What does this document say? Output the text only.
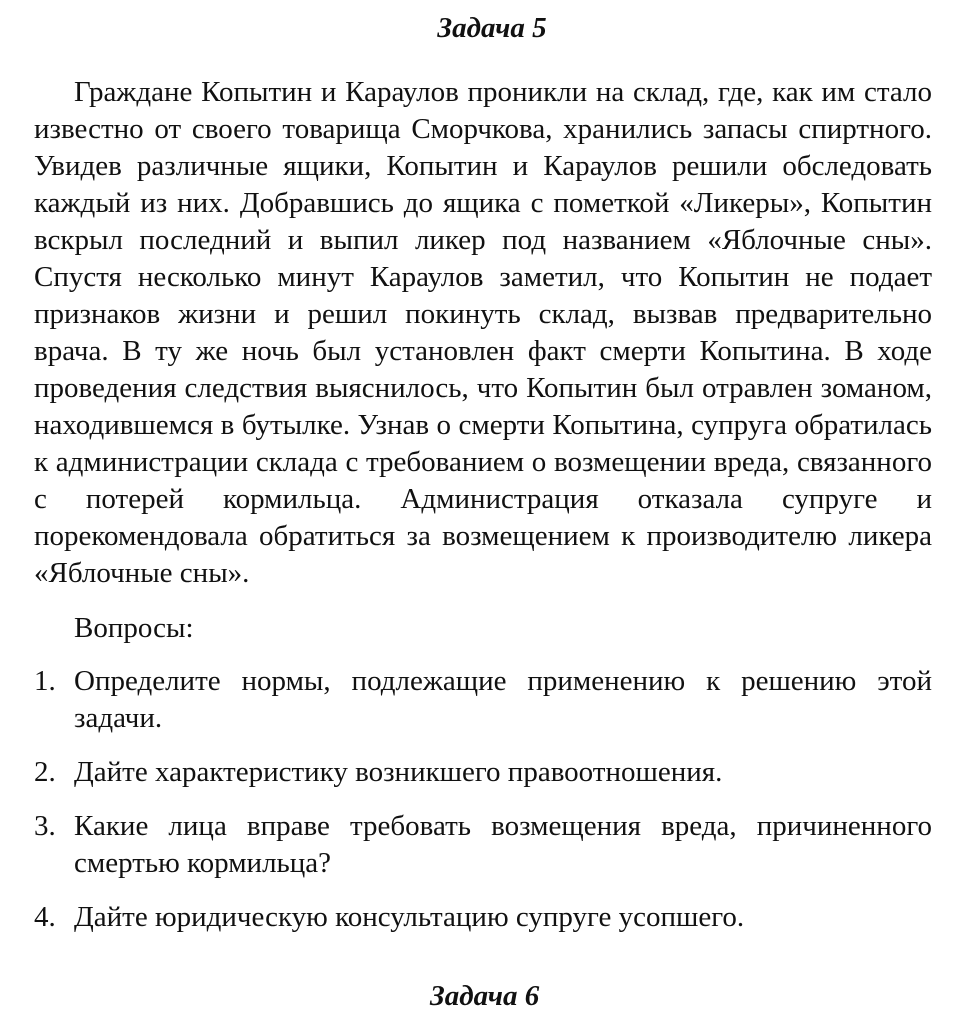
Задача 5

Граждане Копытин и Караулов проникли на склад, где, как им стало известно от своего товарища Сморчкова, хранились запасы спиртного. Увидев различные ящики, Копытин и Караулов решили обследовать каждый из них. Добравшись до ящика с пометкой «Ликеры», Копытин вскрыл последний и выпил ликер под названием «Яблочные сны». Спустя несколько минут Караулов заметил, что Копытин не подает признаков жизни и решил покинуть склад, вызвав предварительно врача. В ту же ночь был установлен факт смерти Копытина. В ходе проведения следствия выяснилось, что Копытин был отравлен зоманом, находившемся в бутылке. Узнав о смерти Копытина, супруга обратилась к администрации склада с требованием о возмещении вреда, связанного с потерей кормильца. Администрация отказала супруге и порекомендовала обратиться за возмещением к производителю ликера «Яблочные сны».

Вопросы:
1. Определите нормы, подлежащие применению к решению этой задачи.
2. Дайте характеристику возникшего правоотношения.
3. Какие лица вправе требовать возмещения вреда, причиненного смертью кормильца?
4. Дайте юридическую консультацию супруге усопшего.
Задача 6
